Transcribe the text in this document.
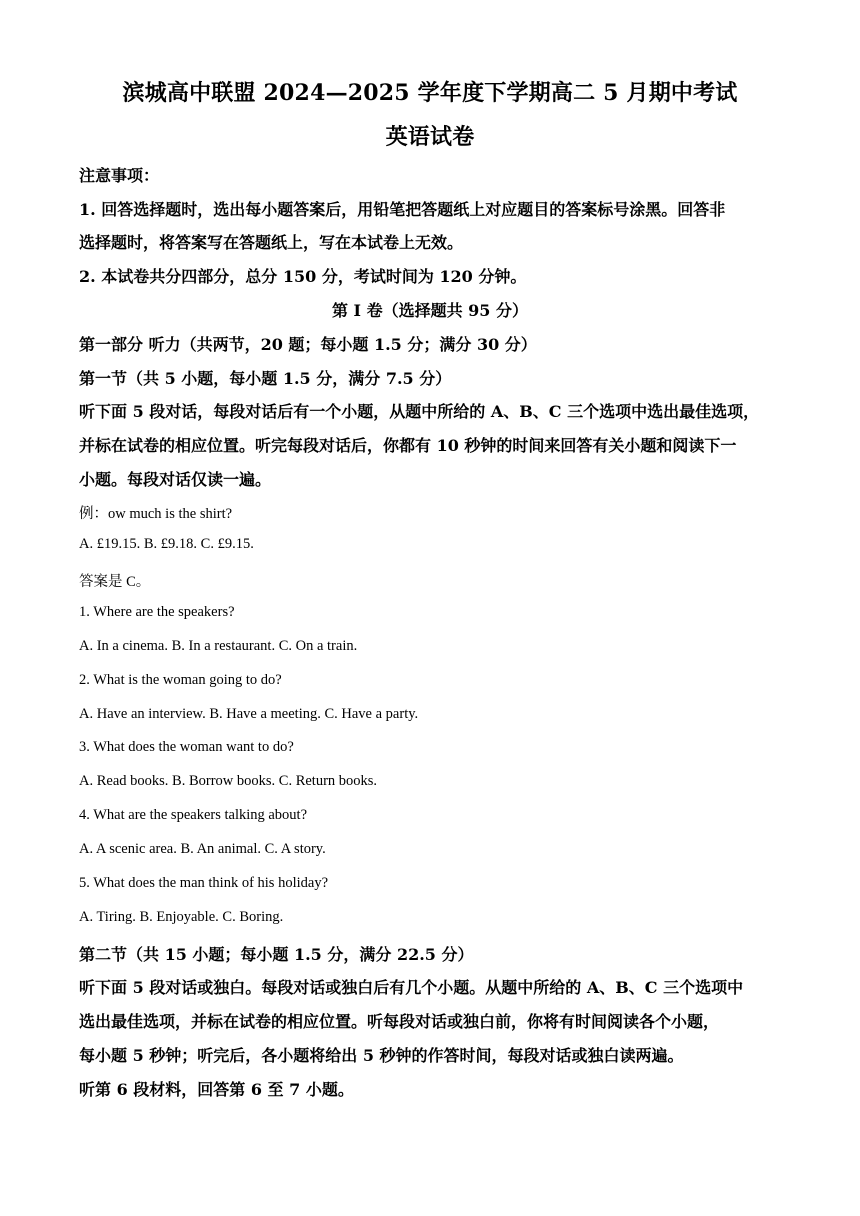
滨城高中联盟 2024—2025 学年度下学期高二 5 月期中考试
英语试卷
注意事项：
1. 回答选择题时，选出每小题答案后，用铅笔把答题纸上对应题目的答案标号涂黑。回答非
选择题时，将答案写在答题纸上，写在本试卷上无效。
2. 本试卷共分四部分，总分 150 分，考试时间为 120 分钟。
第 I 卷（选择题共 95 分）
第一部分 听力（共两节，20 题；每小题 1.5 分；满分 30 分）
第一节（共 5 小题，每小题 1.5 分，满分 7.5 分）
听下面 5 段对话，每段对话后有一个小题，从题中所给的 A、B、C 三个选项中选出最佳选项，
并标在试卷的相应位置。听完每段对话后，你都有 10 秒钟的时间来回答有关小题和阅读下一
小题。每段对话仅读一遍。
例：ow much is the shirt?
A. £19.15. B. £9.18. C. £9.15.
答案是 C。
1. Where are the speakers?
A. In a cinema. B. In a restaurant. C. On a train.
2. What is the woman going to do?
A. Have an interview. B. Have a meeting. C. Have a party.
3. What does the woman want to do?
A. Read books. B. Borrow books. C. Return books.
4. What are the speakers talking about?
A. A scenic area. B. An animal. C. A story.
5. What does the man think of his holiday?
A. Tiring. B. Enjoyable. C. Boring.
第二节（共 15 小题；每小题 1.5 分，满分 22.5 分）
听下面 5 段对话或独白。每段对话或独白后有几个小题。从题中所给的 A、B、C 三个选项中
选出最佳选项，并标在试卷的相应位置。听每段对话或独白前，你将有时间阅读各个小题，
每小题 5 秒钟；听完后，各小题将给出 5 秒钟的作答时间，每段对话或独白读两遍。
听第 6 段材料，回答第 6 至 7 小题。
